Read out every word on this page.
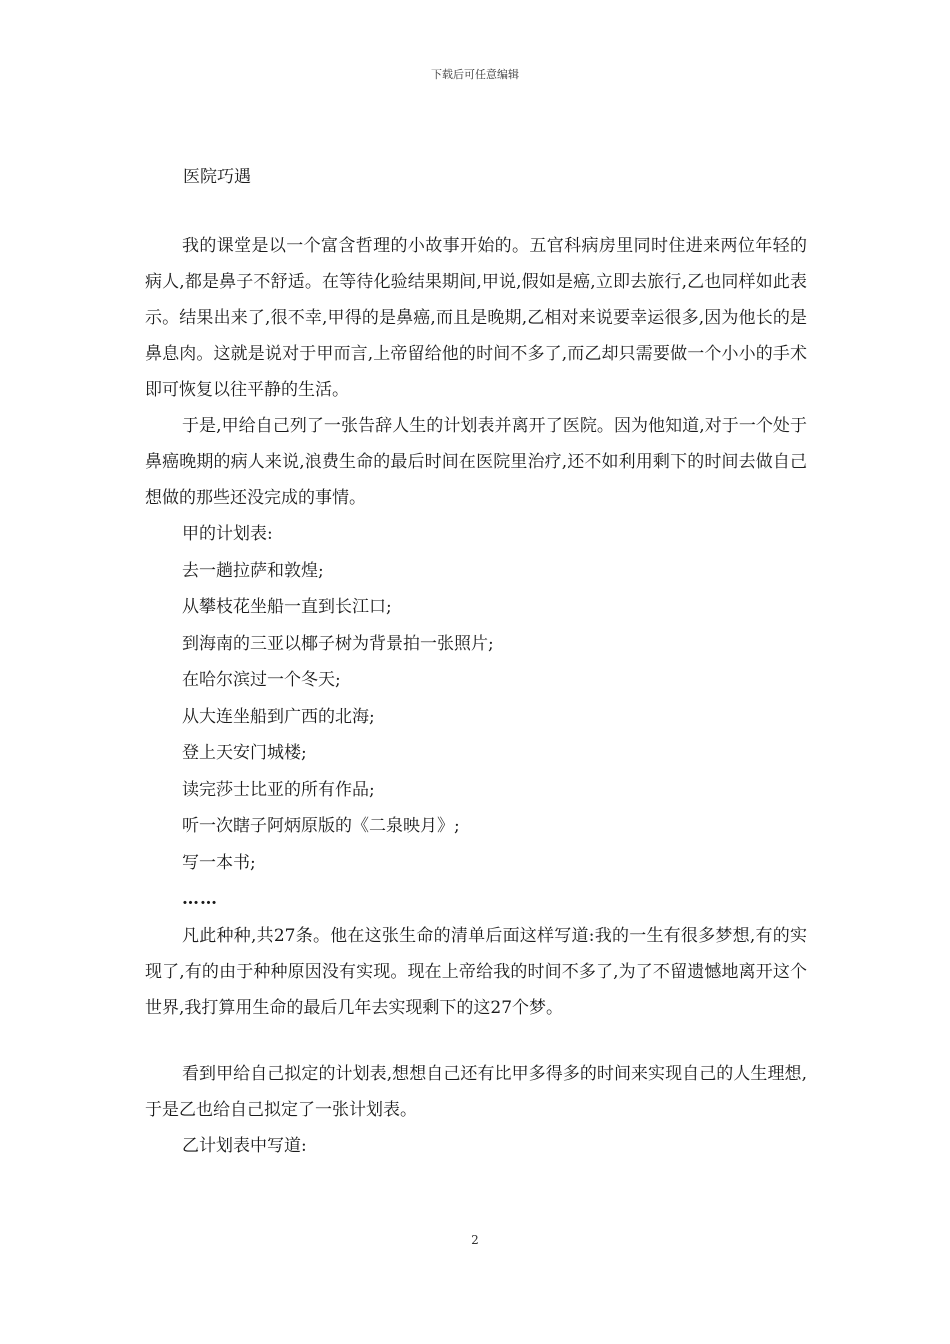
下载后可任意编辑
医院巧遇

我的课堂是以一个富含哲理的小故事开始的。五官科病房里同时住进来两位年轻的病人,都是鼻子不舒适。在等待化验结果期间,甲说,假如是癌,立即去旅行,乙也同样如此表示。结果出来了,很不幸,甲得的是鼻癌,而且是晚期,乙相对来说要幸运很多,因为他长的是鼻息肉。这就是说对于甲而言,上帝留给他的时间不多了,而乙却只需要做一个小小的手术即可恢复以往平静的生活。

于是,甲给自己列了一张告辞人生的计划表并离开了医院。因为他知道,对于一个处于鼻癌晚期的病人来说,浪费生命的最后时间在医院里治疗,还不如利用剩下的时间去做自己想做的那些还没完成的事情。

甲的计划表:

去一趟拉萨和敦煌;

从攀枝花坐船一直到长江口;

到海南的三亚以椰子树为背景拍一张照片;

在哈尔滨过一个冬天;

从大连坐船到广西的北海;

登上天安门城楼;

读完莎士比亚的所有作品;

听一次瞎子阿炳原版的《二泉映月》;

写一本书;

……

凡此种种,共27条。他在这张生命的清单后面这样写道:我的一生有很多梦想,有的实现了,有的由于种种原因没有实现。现在上帝给我的时间不多了,为了不留遗憾地离开这个世界,我打算用生命的最后几年去实现剩下的这27个梦。

看到甲给自己拟定的计划表,想想自己还有比甲多得多的时间来实现自己的人生理想,于是乙也给自己拟定了一张计划表。

乙计划表中写道:

2
